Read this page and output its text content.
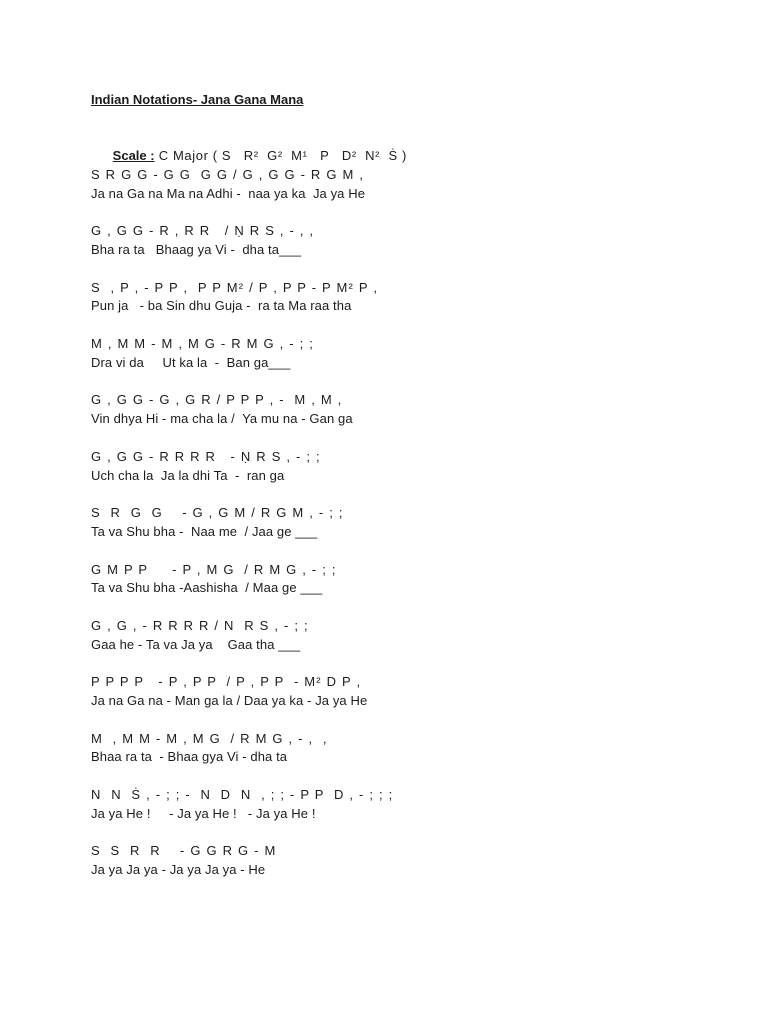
Indian Notations- Jana Gana Mana

Scale : C Major ( S   R²  G²  M¹   P   D²  N²  Ṡ )

S R G G - G G  G G / G , G G - R G M ,
Ja na Ga na Ma na Adhi -  naa ya ka  Ja ya He
G , G G - R , R R   / Ṇ R S , - , ,
Bha ra ta   Bhaag ya Vi -  dha ta___
S  , P , - P P ,  P P M² / P , P P - P M² P ,
Pun ja   - ba Sin dhu Guja -  ra ta Ma raa tha
M , M M - M , M G - R M G , - ; ;
Dra vi da     Ut ka la  -  Ban ga___
G , G G - G , G R / P P P , -  M , M ,
Vin dhya Hi - ma cha la /  Ya mu na - Gan ga
G , G G - R R R R   - Ṇ R S , - ; ;
Uch cha la  Ja la dhi Ta  -  ran ga
S  R  G  G    - G , G M / R G M , - ; ;
Ta va Shu bha -  Naa me  / Jaa ge ___
G M P P     - P , M G  / R M G , - ; ;
Ta va Shu bha -Aashisha  / Maa ge ___
G , G , - R R R R / N  R S , - ; ;
Gaa he - Ta va Ja ya    Gaa tha ___
P P P P   - P , P P  / P , P P  - M² D P ,
Ja na Ga na - Man ga la / Daa ya ka - Ja ya He
M  , M M - M , M G  / R M G , - ,  ,
Bhaa ra ta  - Bhaa gya Vi - dha ta
N  N  Ṡ , - ; ; -  N  D  N  , ; ; - P P  D , - ; ; ;
Ja ya He !     - Ja ya He !   - Ja ya He !
S  S  R  R    - G G R G - M
Ja ya Ja ya - Ja ya Ja ya - He
